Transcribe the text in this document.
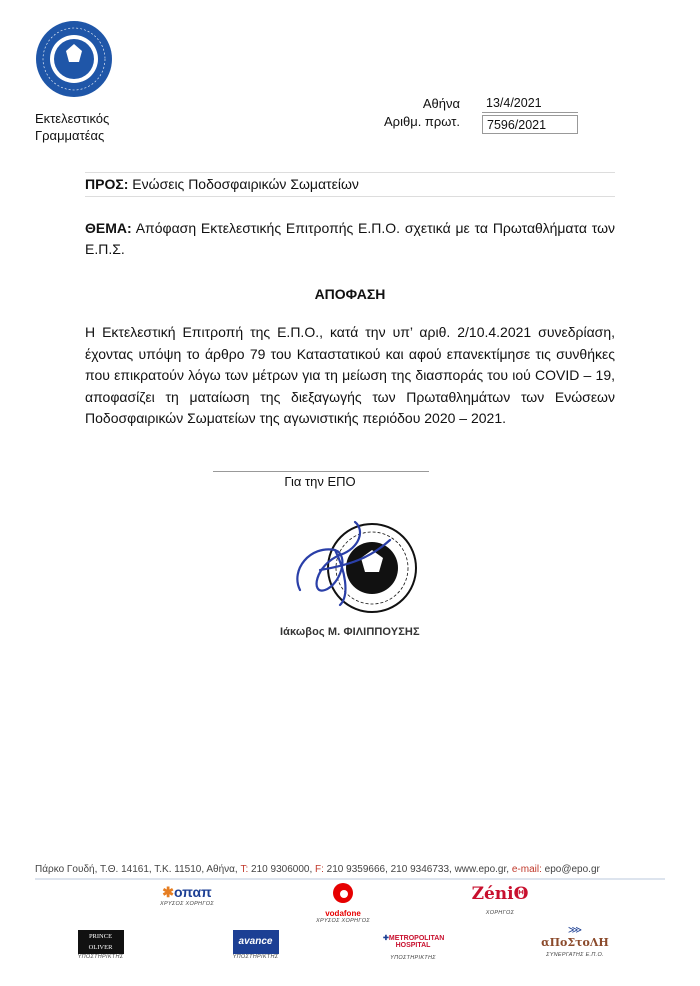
Εκτελεστικός
Γραμματέας
Αθήνα
Αριθμ. πρωτ.
13/4/2021
7596/2021
ΠΡΟΣ: Ενώσεις Ποδοσφαιρικών Σωματείων
ΘΕΜΑ: Απόφαση Εκτελεστικής Επιτροπής Ε.Π.Ο. σχετικά με τα Πρωταθλήματα των Ε.Π.Σ.
ΑΠΟΦΑΣΗ
Η Εκτελεστική Επιτροπή της Ε.Π.Ο., κατά την υπ’ αριθ. 2/10.4.2021 συνεδρίαση, έχοντας υπόψη το άρθρο 79 του Καταστατικού και αφού επανεκτίμησε τις συνθήκες που επικρατούν λόγω των μέτρων για τη μείωση της διασποράς του ιού COVID – 19, αποφασίζει τη ματαίωση της διεξαγωγής των Πρωταθλημάτων των Ενώσεων Ποδοσφαιρικών Σωματείων της αγωνιστικής περιόδου 2020 – 2021.
Για την ΕΠΟ
Ιάκωβος Μ. ΦΙΛΙΠΠΟΥΣΗΣ
Πάρκο Γουδή, Τ.Θ. 14161, Τ.Κ. 11510, Αθήνα, T: 210 9306000, F: 210 9359666, 210 9346733, www.epo.gr, e-mail: epo@epo.gr
✱οπαπ
ΧΡΥΣΟΣ ΧΟΡΗΓΟΣ
vodafone
ΧΡΥΣΟΣ ΧΟΡΗΓΟΣ
ZéniΘ
ΧΟΡΗΓΟΣ
PRINCE OLIVER
ΥΠΟΣΤΗΡΙΚΤΗΣ
avance
ΥΠΟΣΤΗΡΙΚΤΗΣ
✚METROPOLITAN HOSPITAL
ΥΠΟΣΤΗΡΙΚΤΗΣ
⋙
αΠοΣτοΛΗ
ΣΥΝΕΡΓΑΤΗΣ Ε.Π.Ο.
